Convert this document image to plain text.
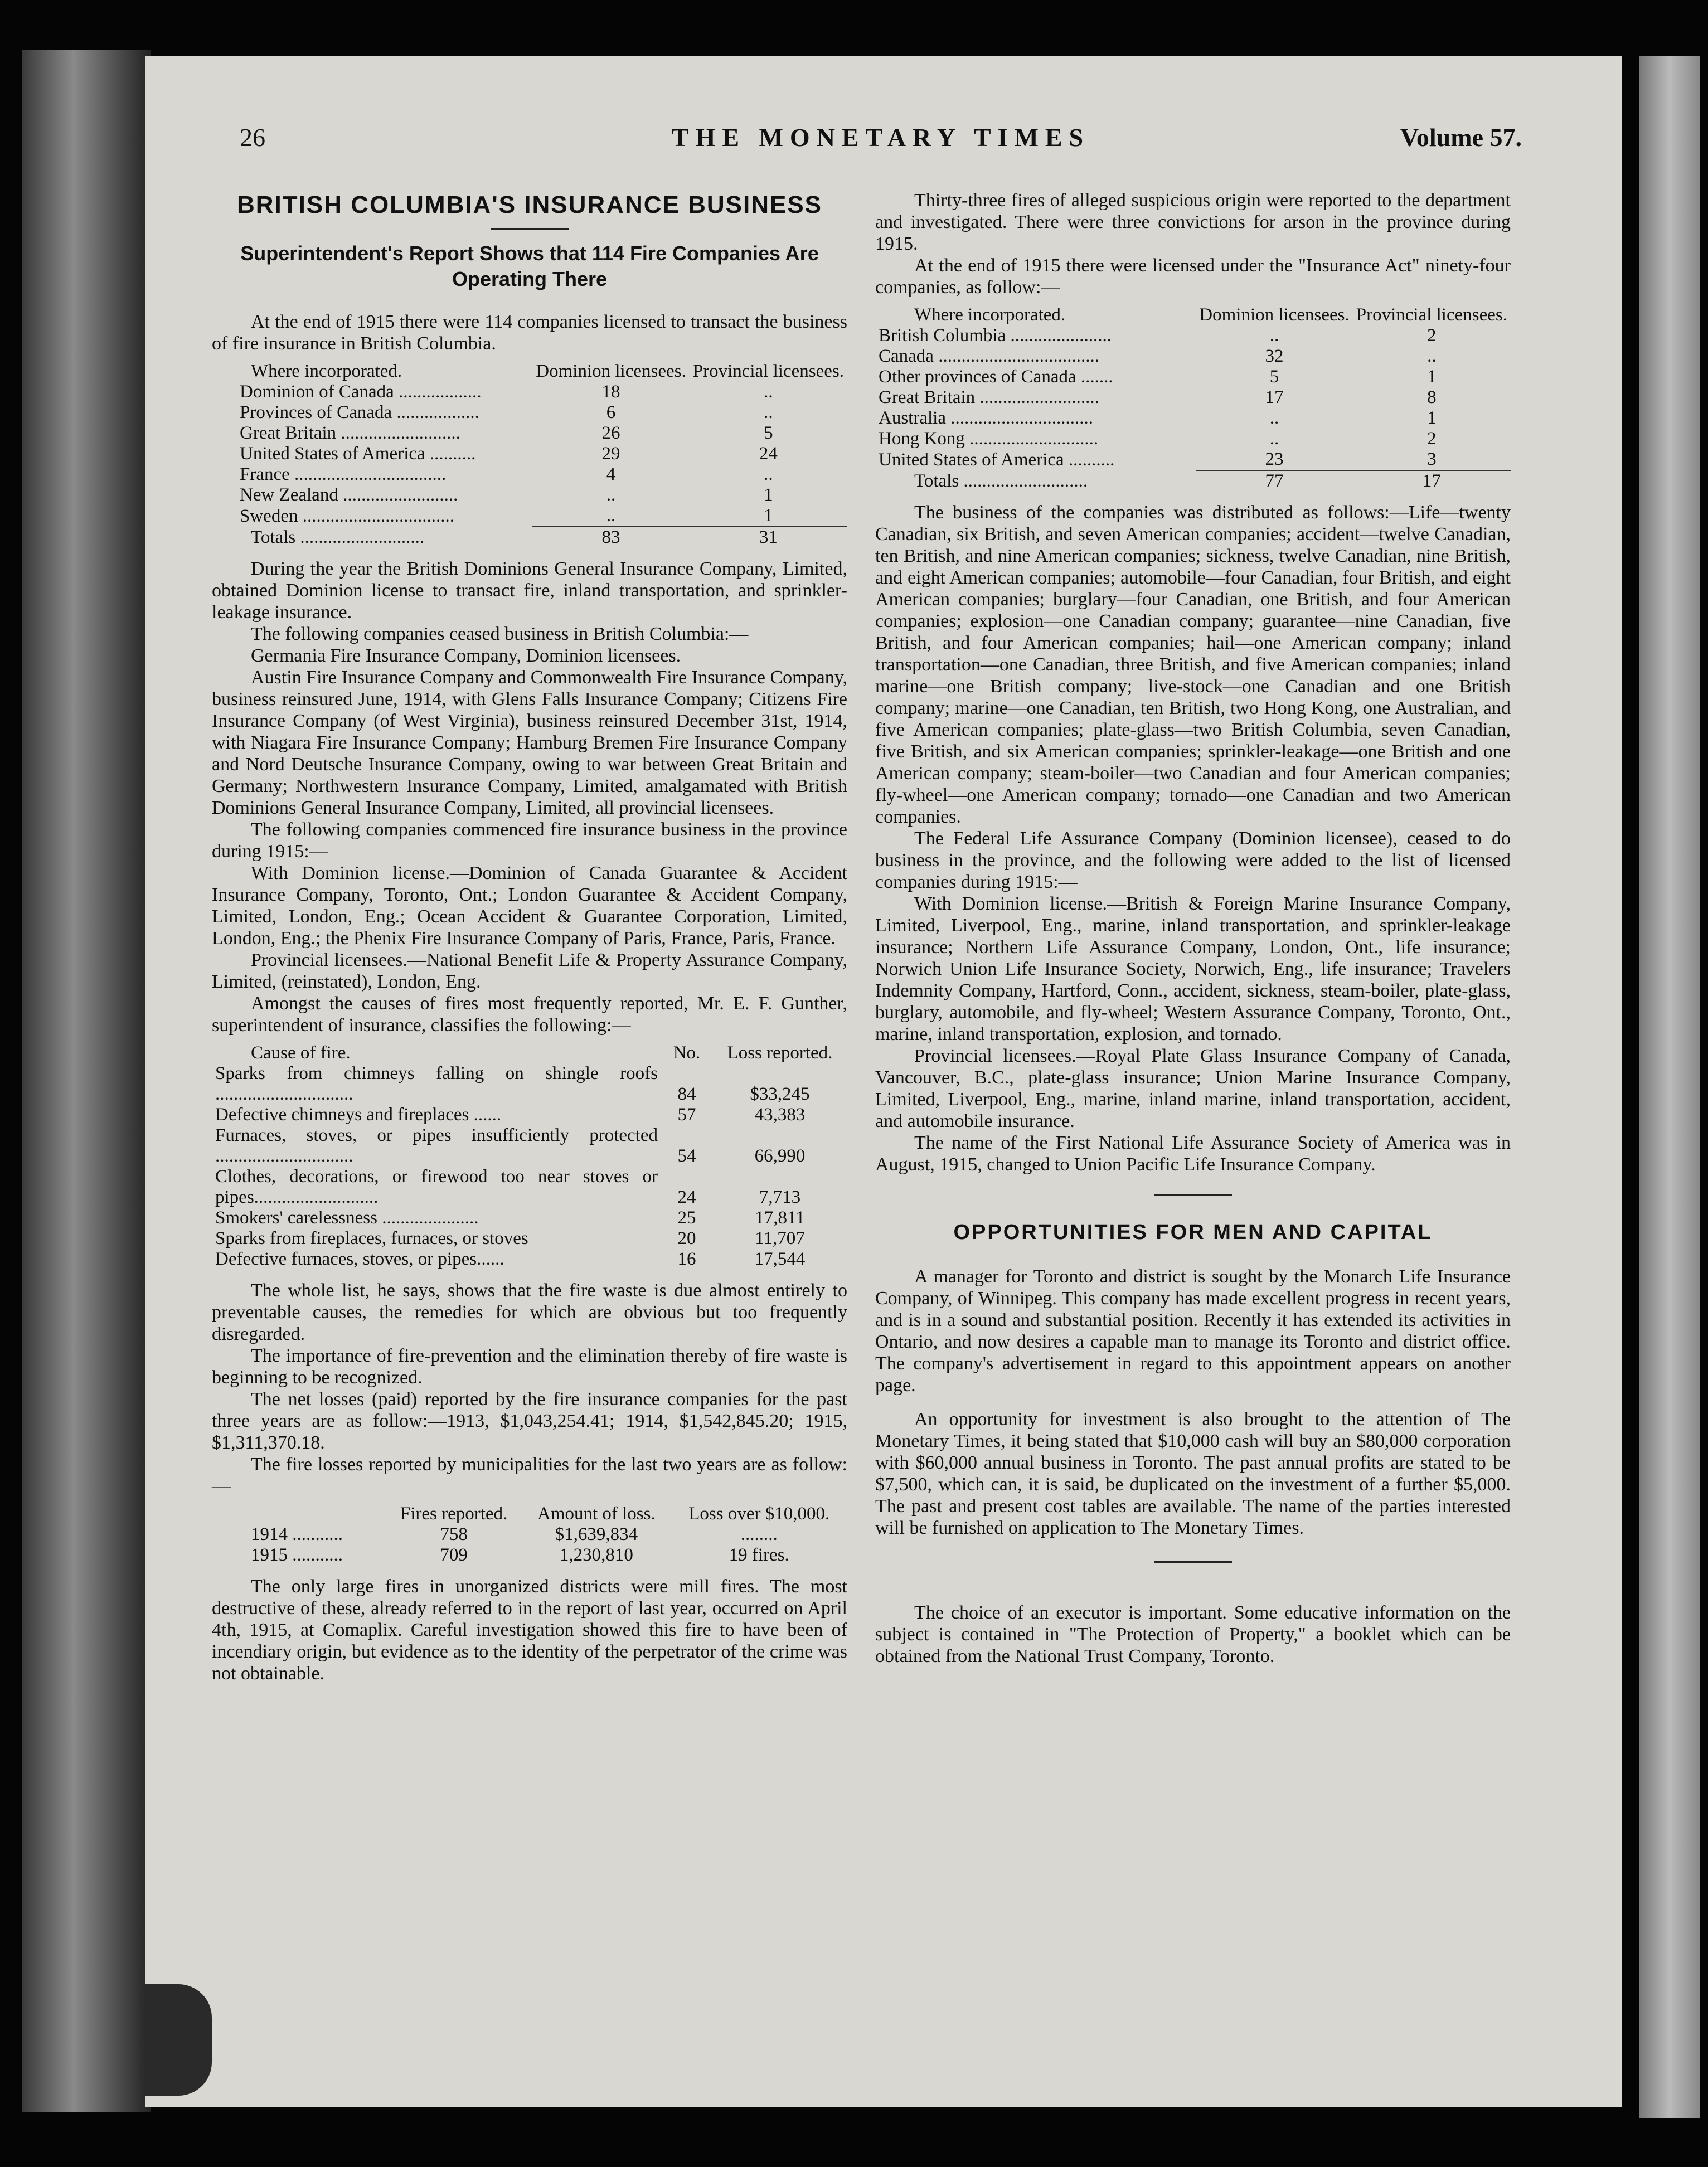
26	THE MONETARY TIMES	Volume 57.
BRITISH COLUMBIA'S INSURANCE BUSINESS
Superintendent's Report Shows that 114 Fire Companies Are Operating There

At the end of 1915 there were 114 companies licensed to transact the business of fire insurance in British Columbia.

Where incorporated.	Dominion licensees.	Provincial licensees.
Dominion of Canada ..................	18	..
Provinces of Canada ..................	6	..
Great Britain ..........................	26	5
United States of America ..........	29	24
France .................................	4	..
New Zealand .........................	..	1
Sweden .................................	..	1
Totals ...........................	83	31

During the year the British Dominions General Insurance Company, Limited, obtained Dominion license to transact fire, inland transportation, and sprinkler-leakage insurance.

The following companies ceased business in British Columbia:—

Germania Fire Insurance Company, Dominion licensees.

Austin Fire Insurance Company and Commonwealth Fire Insurance Company, business reinsured June, 1914, with Glens Falls Insurance Company; Citizens Fire Insurance Company (of West Virginia), business reinsured December 31st, 1914, with Niagara Fire Insurance Company; Hamburg Bremen Fire Insurance Company and Nord Deutsche Insurance Company, owing to war between Great Britain and Germany; Northwestern Insurance Company, Limited, amalgamated with British Dominions General Insurance Company, Limited, all provincial licensees.

The following companies commenced fire insurance business in the province during 1915:—

With Dominion license.—Dominion of Canada Guarantee & Accident Insurance Company, Toronto, Ont.; London Guarantee & Accident Company, Limited, London, Eng.; Ocean Accident & Guarantee Corporation, Limited, London, Eng.; the Phenix Fire Insurance Company of Paris, France, Paris, France.

Provincial licensees.—National Benefit Life & Property Assurance Company, Limited, (reinstated), London, Eng.

Amongst the causes of fires most frequently reported, Mr. E. F. Gunther, superintendent of insurance, classifies the following:—

Cause of fire.	No.	Loss reported.
Sparks from chimneys falling on shingle roofs ..............................	84	$33,245
Defective chimneys and fireplaces ......	57	43,383
Furnaces, stoves, or pipes insufficiently protected ..............................	54	66,990
Clothes, decorations, or firewood too near stoves or pipes...........................	24	7,713
Smokers' carelessness .....................	25	17,811
Sparks from fireplaces, furnaces, or stoves	20	11,707
Defective furnaces, stoves, or pipes......	16	17,544

The whole list, he says, shows that the fire waste is due almost entirely to preventable causes, the remedies for which are obvious but too frequently disregarded.

The importance of fire-prevention and the elimination thereby of fire waste is beginning to be recognized.

The net losses (paid) reported by the fire insurance companies for the past three years are as follow:—1913, $1,043,254.41; 1914, $1,542,845.20; 1915, $1,311,370.18.

The fire losses reported by municipalities for the last two years are as follow:—

	Fires reported.	Amount of loss.	Loss over $10,000.
1914 ...........	758	$1,639,834	........
1915 ...........	709	1,230,810	19 fires.

The only large fires in unorganized districts were mill fires. The most destructive of these, already referred to in the report of last year, occurred on April 4th, 1915, at Comaplix. Careful investigation showed this fire to have been of incendiary origin, but evidence as to the identity of the perpetrator of the crime was not obtainable.

Thirty-three fires of alleged suspicious origin were reported to the department and investigated. There were three convictions for arson in the province during 1915.

At the end of 1915 there were licensed under the "Insurance Act" ninety-four companies, as follow:—

Where incorporated.	Dominion licensees.	Provincial licensees.
British Columbia ......................	..	2
Canada ...................................	32	..
Other provinces of Canada .......	5	1
Great Britain ..........................	17	8
Australia ...............................	..	1
Hong Kong ............................	..	2
United States of America ..........	23	3
Totals ...........................	77	17

The business of the companies was distributed as follows:—Life—twenty Canadian, six British, and seven American companies; accident—twelve Canadian, ten British, and nine American companies; sickness, twelve Canadian, nine British, and eight American companies; automobile—four Canadian, four British, and eight American companies; burglary—four Canadian, one British, and four American companies; explosion—one Canadian company; guarantee—nine Canadian, five British, and four American companies; hail—one American company; inland transportation—one Canadian, three British, and five American companies; inland marine—one British company; live-stock—one Canadian and one British company; marine—one Canadian, ten British, two Hong Kong, one Australian, and five American companies; plate-glass—two British Columbia, seven Canadian, five British, and six American companies; sprinkler-leakage—one British and one American company; steam-boiler—two Canadian and four American companies; fly-wheel—one American company; tornado—one Canadian and two American companies.

The Federal Life Assurance Company (Dominion licensee), ceased to do business in the province, and the following were added to the list of licensed companies during 1915:—

With Dominion license.—British & Foreign Marine Insurance Company, Limited, Liverpool, Eng., marine, inland transportation, and sprinkler-leakage insurance; Northern Life Assurance Company, London, Ont., life insurance; Norwich Union Life Insurance Society, Norwich, Eng., life insurance; Travelers Indemnity Company, Hartford, Conn., accident, sickness, steam-boiler, plate-glass, burglary, automobile, and fly-wheel; Western Assurance Company, Toronto, Ont., marine, inland transportation, explosion, and tornado.

Provincial licensees.—Royal Plate Glass Insurance Company of Canada, Vancouver, B.C., plate-glass insurance; Union Marine Insurance Company, Limited, Liverpool, Eng., marine, inland marine, inland transportation, accident, and automobile insurance.

The name of the First National Life Assurance Society of America was in August, 1915, changed to Union Pacific Life Insurance Company.

OPPORTUNITIES FOR MEN AND CAPITAL

A manager for Toronto and district is sought by the Monarch Life Insurance Company, of Winnipeg. This company has made excellent progress in recent years, and is in a sound and substantial position. Recently it has extended its activities in Ontario, and now desires a capable man to manage its Toronto and district office. The company's advertisement in regard to this appointment appears on another page.

An opportunity for investment is also brought to the attention of The Monetary Times, it being stated that $10,000 cash will buy an $80,000 corporation with $60,000 annual business in Toronto. The past annual profits are stated to be $7,500, which can, it is said, be duplicated on the investment of a further $5,000. The past and present cost tables are available. The name of the parties interested will be furnished on application to The Monetary Times.

The choice of an executor is important. Some educative information on the subject is contained in "The Protection of Property," a booklet which can be obtained from the National Trust Company, Toronto.
